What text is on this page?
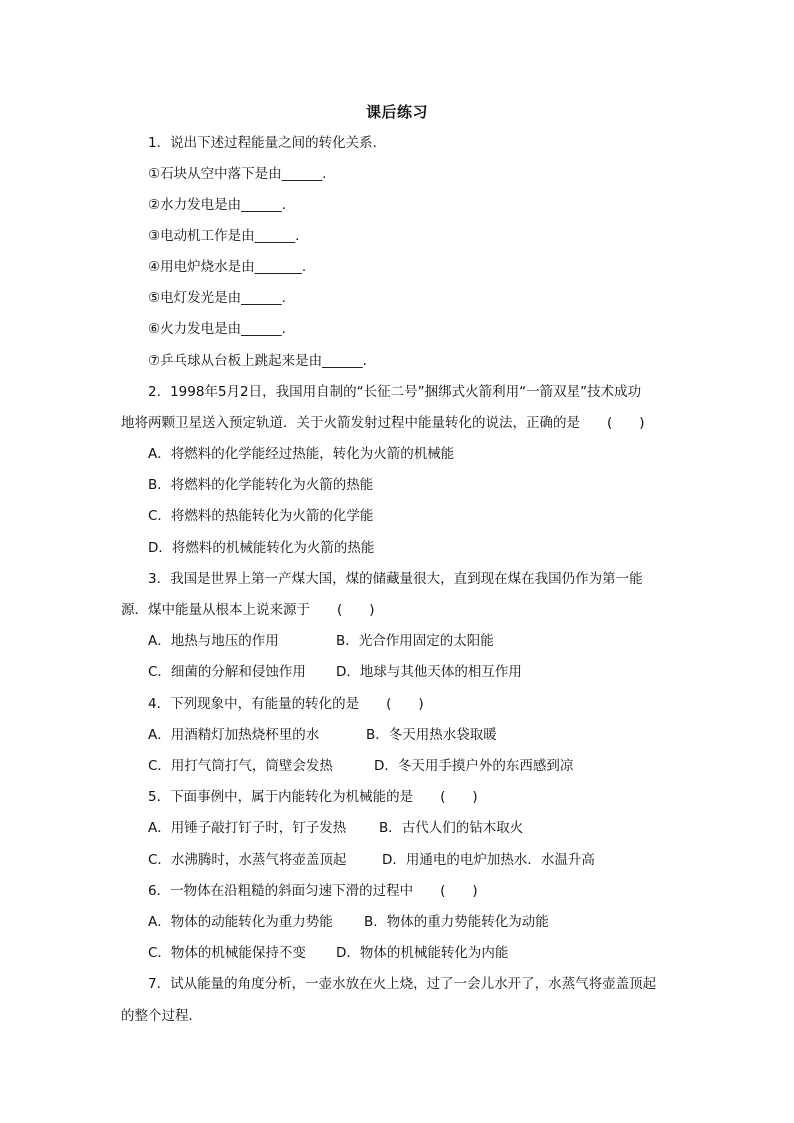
课后练习
1．说出下述过程能量之间的转化关系．
①石块从空中落下是由______.
②水力发电是由______.
③电动机工作是由______.
④用电炉烧水是由_______.
⑤电灯发光是由______.
⑥火力发电是由______.
⑦乒乓球从台板上跳起来是由______.
2．1998年5月2日，我国用自制的“长征二号”捆绑式火箭利用“一箭双星”技术成功
地将两颗卫星送入预定轨道．关于火箭发射过程中能量转化的说法，正确的是　　(　　)
A．将燃料的化学能经过热能，转化为火箭的机械能
B．将燃料的化学能转化为火箭的热能
C．将燃料的热能转化为火箭的化学能
D．将燃料的机械能转化为火箭的热能
3．我国是世界上第一产煤大国，煤的储藏量很大，直到现在煤在我国仍作为第一能
源．煤中能量从根本上说来源于　　(　　)
A．地热与地压的作用	B．光合作用固定的太阳能
C．细菌的分解和侵蚀作用 D．地球与其他天体的相互作用
4．下列现象中，有能量的转化的是　　(　　)
A．用酒精灯加热烧杯里的水	B．冬天用热水袋取暖
C．用打气筒打气，筒壁会发热	D．冬天用手摸户外的东西感到凉
5．下面事例中，属于内能转化为机械能的是　　(　　)
A．用锤子敲打钉子时，钉子发热 B．古代人们的钻木取火
C．水沸腾时，水蒸气将壶盖顶起	D．用通电的电炉加热水．水温升高
6．一物体在沿粗糙的斜面匀速下滑的过程中　　(　　)
A．物体的动能转化为重力势能 B．物体的重力势能转化为动能
C．物体的机械能保持不变 D．物体的机械能转化为内能
7．试从能量的角度分析，一壶水放在火上烧，过了一会儿水开了，水蒸气将壶盖顶起
的整个过程．
